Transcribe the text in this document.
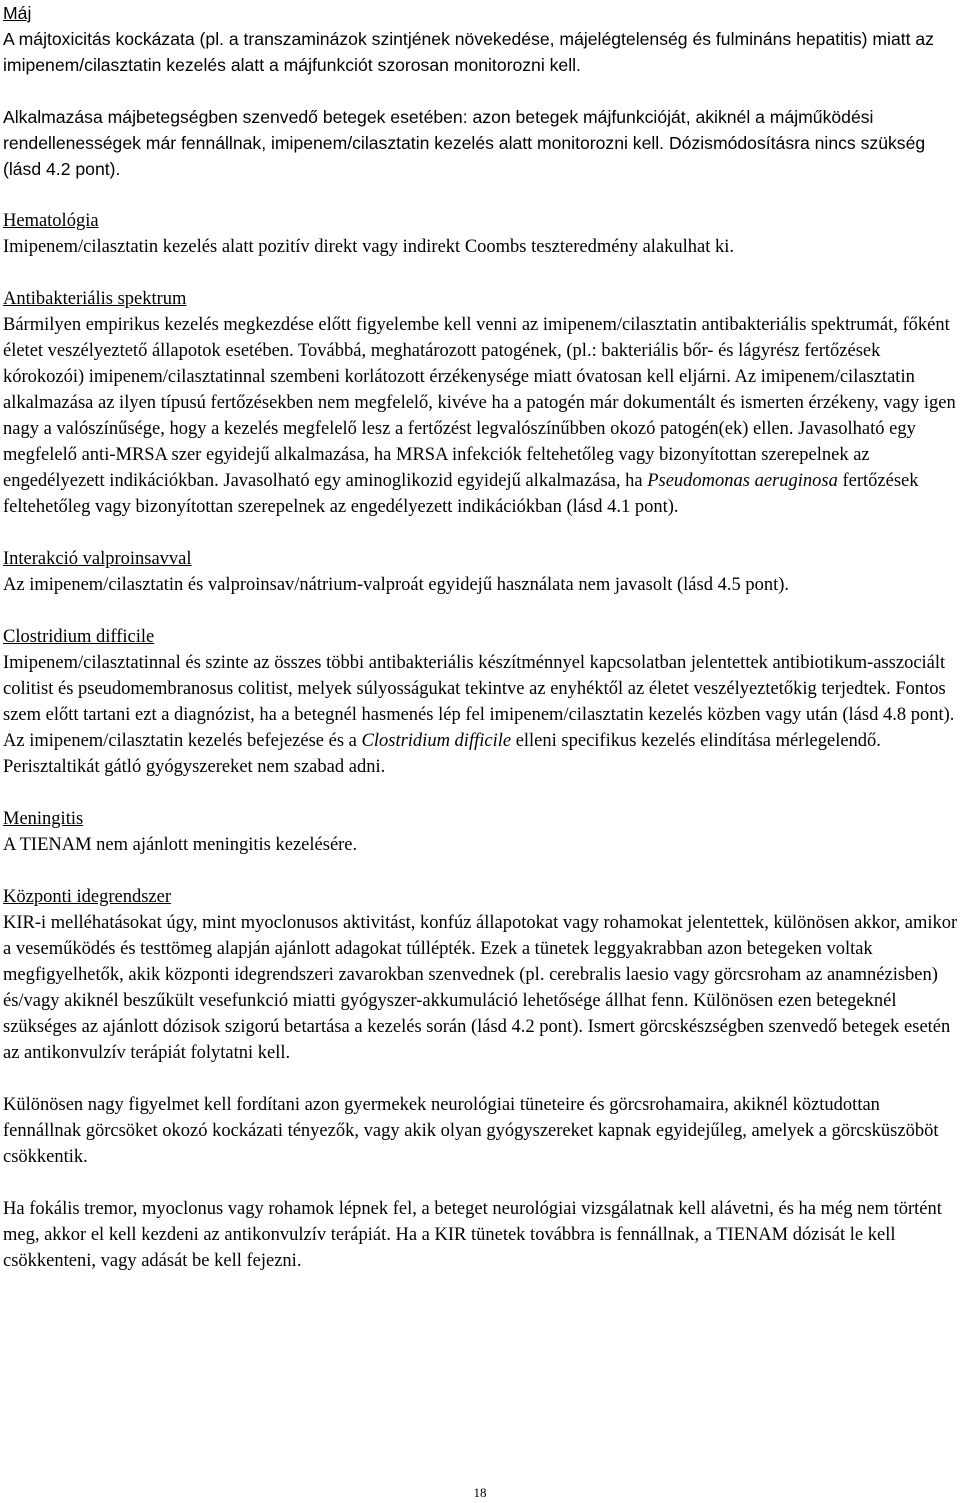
Máj

A májtoxicitás kockázata (pl. a transzaminázok szintjének növekedése, májelégtelenség és fulmináns hepatitis) miatt az imipenem/cilasztatin kezelés alatt a májfunkciót szorosan monitorozni kell.

Alkalmazása májbetegségben szenvedő betegek esetében: azon betegek májfunkcióját, akiknél a májműködési rendellenességek már fennállnak, imipenem/cilasztatin kezelés alatt monitorozni kell. Dózismódosításra nincs szükség (lásd 4.2 pont).

Hematológia

Imipenem/cilasztatin kezelés alatt pozitív direkt vagy indirekt Coombs teszteredmény alakulhat ki.

Antibakteriális spektrum

Bármilyen empirikus kezelés megkezdése előtt figyelembe kell venni az imipenem/cilasztatin antibakteriális spektrumát, főként életet veszélyeztető állapotok esetében. Továbbá, meghatározott patogének, (pl.: bakteriális bőr- és lágyrész fertőzések kórokozói) imipenem/cilasztatinnal szembeni korlátozott érzékenysége miatt óvatosan kell eljárni. Az imipenem/cilasztatin alkalmazása az ilyen típusú fertőzésekben nem megfelelő, kivéve ha a patogén már dokumentált és ismerten érzékeny, vagy igen nagy a valószínűsége, hogy a kezelés megfelelő lesz a fertőzést legvalószínűbben okozó patogén(ek) ellen. Javasolható egy megfelelő anti-MRSA szer egyidejű alkalmazása, ha MRSA infekciók feltehetőleg vagy bizonyítottan szerepelnek az engedélyezett indikációkban. Javasolható egy aminoglikozid egyidejű alkalmazása, ha Pseudomonas aeruginosa fertőzések feltehetőleg vagy bizonyítottan szerepelnek az engedélyezett indikációkban (lásd 4.1 pont).

Interakció valproinsavval

Az imipenem/cilasztatin és valproinsav/nátrium-valproát egyidejű használata nem javasolt (lásd 4.5 pont).

Clostridium difficile

Imipenem/cilasztatinnal és szinte az összes többi antibakteriális készítménnyel kapcsolatban jelentettek antibiotikum-asszociált colitist és pseudomembranosus colitist, melyek súlyosságukat tekintve az enyhéktől az életet veszélyeztetőkig terjedtek. Fontos szem előtt tartani ezt a diagnózist, ha a betegnél hasmenés lép fel imipenem/cilasztatin kezelés közben vagy után (lásd 4.8 pont). Az imipenem/cilasztatin kezelés befejezése és a Clostridium difficile elleni specifikus kezelés elindítása mérlegelendő. Perisztaltikát gátló gyógyszereket nem szabad adni.

Meningitis

A TIENAM nem ajánlott meningitis kezelésére.

Központi idegrendszer

KIR-i melléhatásokat úgy, mint myoclonusos aktivitást, konfúz állapotokat vagy rohamokat jelentettek, különösen akkor, amikor a veseműködés és testtömeg alapján ajánlott adagokat túllépték. Ezek a tünetek leggyakrabban azon betegeken voltak megfigyelhetők, akik központi idegrendszeri zavarokban szenvednek (pl. cerebralis laesio vagy görcsroham az anamnézisben) és/vagy akiknél beszűkült vesefunkció miatti gyógyszer-akkumuláció lehetősége állhat fenn. Különösen ezen betegeknél szükséges az ajánlott dózisok szigorú betartása a kezelés során (lásd 4.2 pont). Ismert görcskészségben szenvedő betegek esetén az antikonvulzív terápiát folytatni kell.

Különösen nagy figyelmet kell fordítani azon gyermekek neurológiai tüneteire és görcsrohamaira, akiknél köztudottan fennállnak görcsöket okozó kockázati tényezők, vagy akik olyan gyógyszereket kapnak egyidejűleg, amelyek a görcsküszöböt csökkentik.

Ha fokális tremor, myoclonus vagy rohamok lépnek fel, a beteget neurológiai vizsgálatnak kell alávetni, és ha még nem történt meg, akkor el kell kezdeni az antikonvulzív terápiát. Ha a KIR tünetek továbbra is fennállnak, a TIENAM dózisát le kell csökkenteni, vagy adását be kell fejezni.

18
